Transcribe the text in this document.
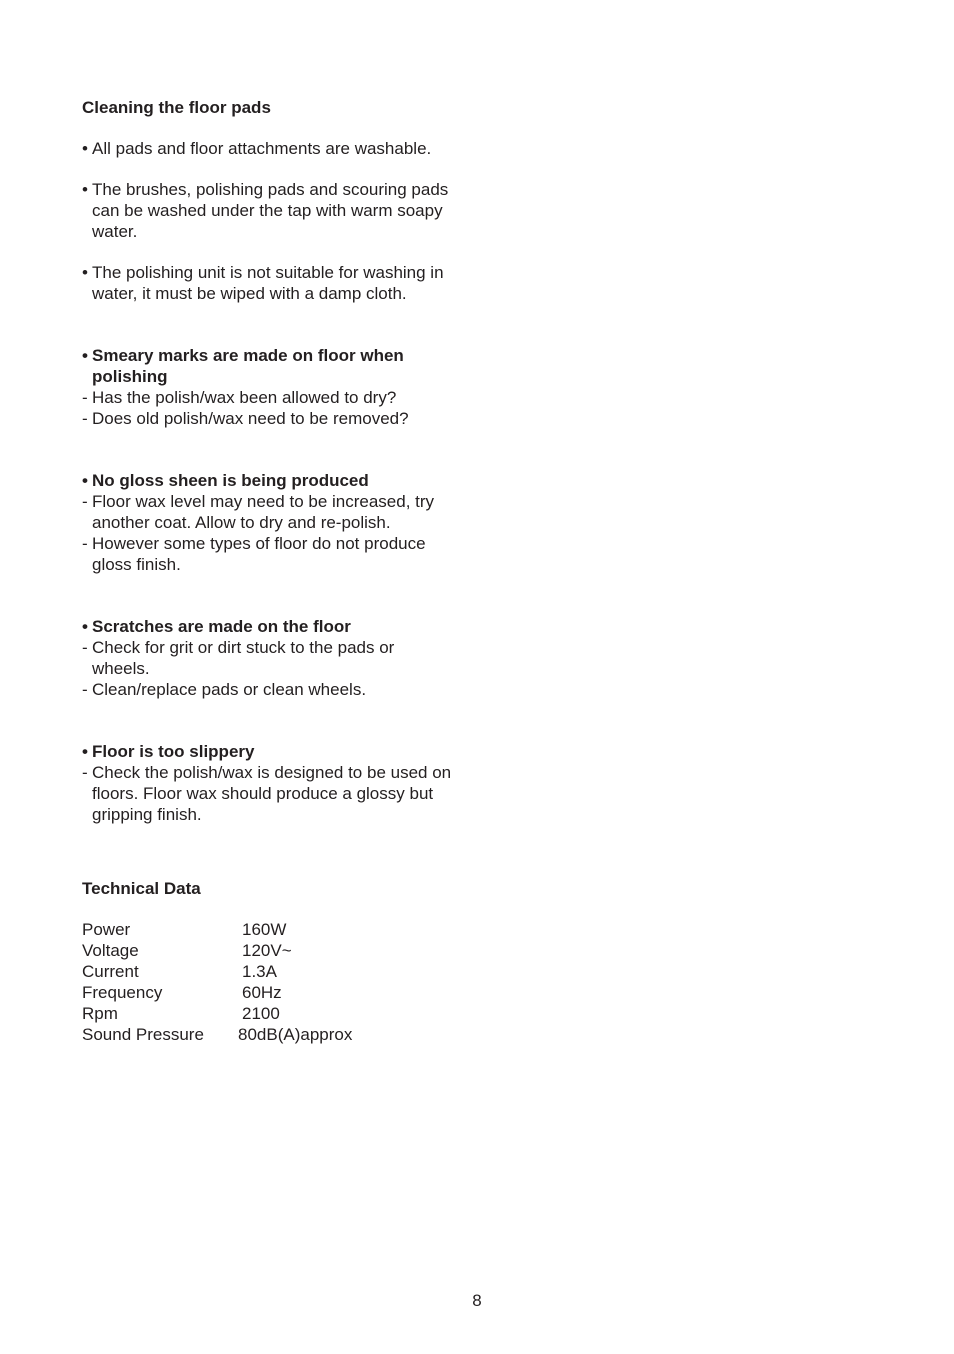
Cleaning the floor pads

• All pads and floor attachments are washable.

• The brushes, polishing pads and scouring pads can be washed under the tap with warm soapy water.

• The polishing unit is not suitable for washing in water, it must be wiped with a damp cloth.

• Smeary marks are made on floor when polishing

- Has the polish/wax been allowed to dry?

- Does old polish/wax need to be removed?

• No gloss sheen is being produced

- Floor wax level may need to be increased, try another coat. Allow to dry and re-polish.

- However some types of floor do not produce gloss finish.

• Scratches are made on the floor

- Check for grit or dirt stuck to the pads or wheels.

- Clean/replace pads or clean wheels.

• Floor is too slippery

- Check the polish/wax is designed to be used on floors. Floor wax should produce a glossy but gripping finish.

Technical Data

Power	160W
Voltage	120V~
Current	1.3A
Frequency	60Hz
Rpm	2100
Sound Pressure	80dB(A)approx
8
